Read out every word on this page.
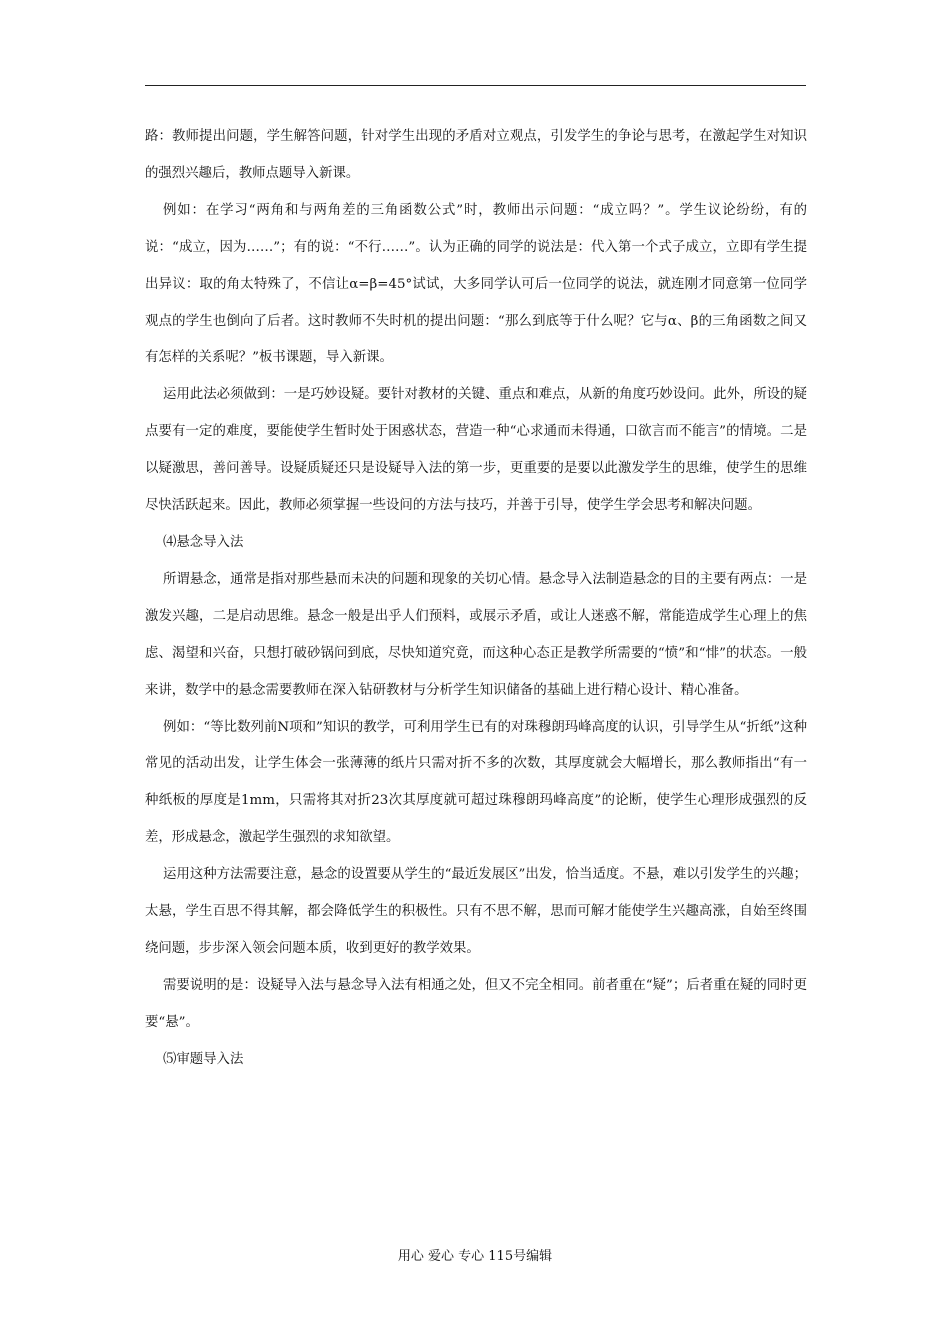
路：教师提出问题，学生解答问题，针对学生出现的矛盾对立观点，引发学生的争论与思考，在激起学生对知识的强烈兴趣后，教师点题导入新课。

例如：在学习“两角和与两角差的三角函数公式”时，教师出示问题：“成立吗？”。学生议论纷纷，有的说：“成立，因为……”；有的说：“不行……”。认为正确的同学的说法是：代入第一个式子成立，立即有学生提出异议：取的角太特殊了，不信让α=β=45°试试，大多同学认可后一位同学的说法，就连刚才同意第一位同学观点的学生也倒向了后者。这时教师不失时机的提出问题：“那么到底等于什么呢？它与α、β的三角函数之间又有怎样的关系呢？”板书课题，导入新课。

运用此法必须做到：一是巧妙设疑。要针对教材的关键、重点和难点，从新的角度巧妙设问。此外，所设的疑点要有一定的难度，要能使学生暂时处于困惑状态，营造一种“心求通而未得通，口欲言而不能言”的情境。二是以疑激思，善问善导。设疑质疑还只是设疑导入法的第一步，更重要的是要以此激发学生的思维，使学生的思维尽快活跃起来。因此，教师必须掌握一些设问的方法与技巧，并善于引导，使学生学会思考和解决问题。

⑷悬念导入法

所谓悬念，通常是指对那些悬而未决的问题和现象的关切心情。悬念导入法制造悬念的目的主要有两点：一是激发兴趣，二是启动思维。悬念一般是出乎人们预料，或展示矛盾，或让人迷惑不解，常能造成学生心理上的焦虑、渴望和兴奋，只想打破砂锅问到底，尽快知道究竟，而这种心态正是教学所需要的“愤”和“悱”的状态。一般来讲，数学中的悬念需要教师在深入钻研教材与分析学生知识储备的基础上进行精心设计、精心准备。

例如：“等比数列前N项和”知识的教学，可利用学生已有的对珠穆朗玛峰高度的认识，引导学生从“折纸”这种常见的活动出发，让学生体会一张薄薄的纸片只需对折不多的次数，其厚度就会大幅增长，那么教师指出“有一种纸板的厚度是1mm，只需将其对折23次其厚度就可超过珠穆朗玛峰高度”的论断，使学生心理形成强烈的反差，形成悬念，激起学生强烈的求知欲望。

运用这种方法需要注意，悬念的设置要从学生的“最近发展区”出发，恰当适度。不悬，难以引发学生的兴趣；太悬，学生百思不得其解，都会降低学生的积极性。只有不思不解，思而可解才能使学生兴趣高涨，自始至终围绕问题，步步深入领会问题本质，收到更好的教学效果。

需要说明的是：设疑导入法与悬念导入法有相通之处，但又不完全相同。前者重在“疑”；后者重在疑的同时更要“悬”。

⑸审题导入法

用心 爱心 专心 115号编辑
